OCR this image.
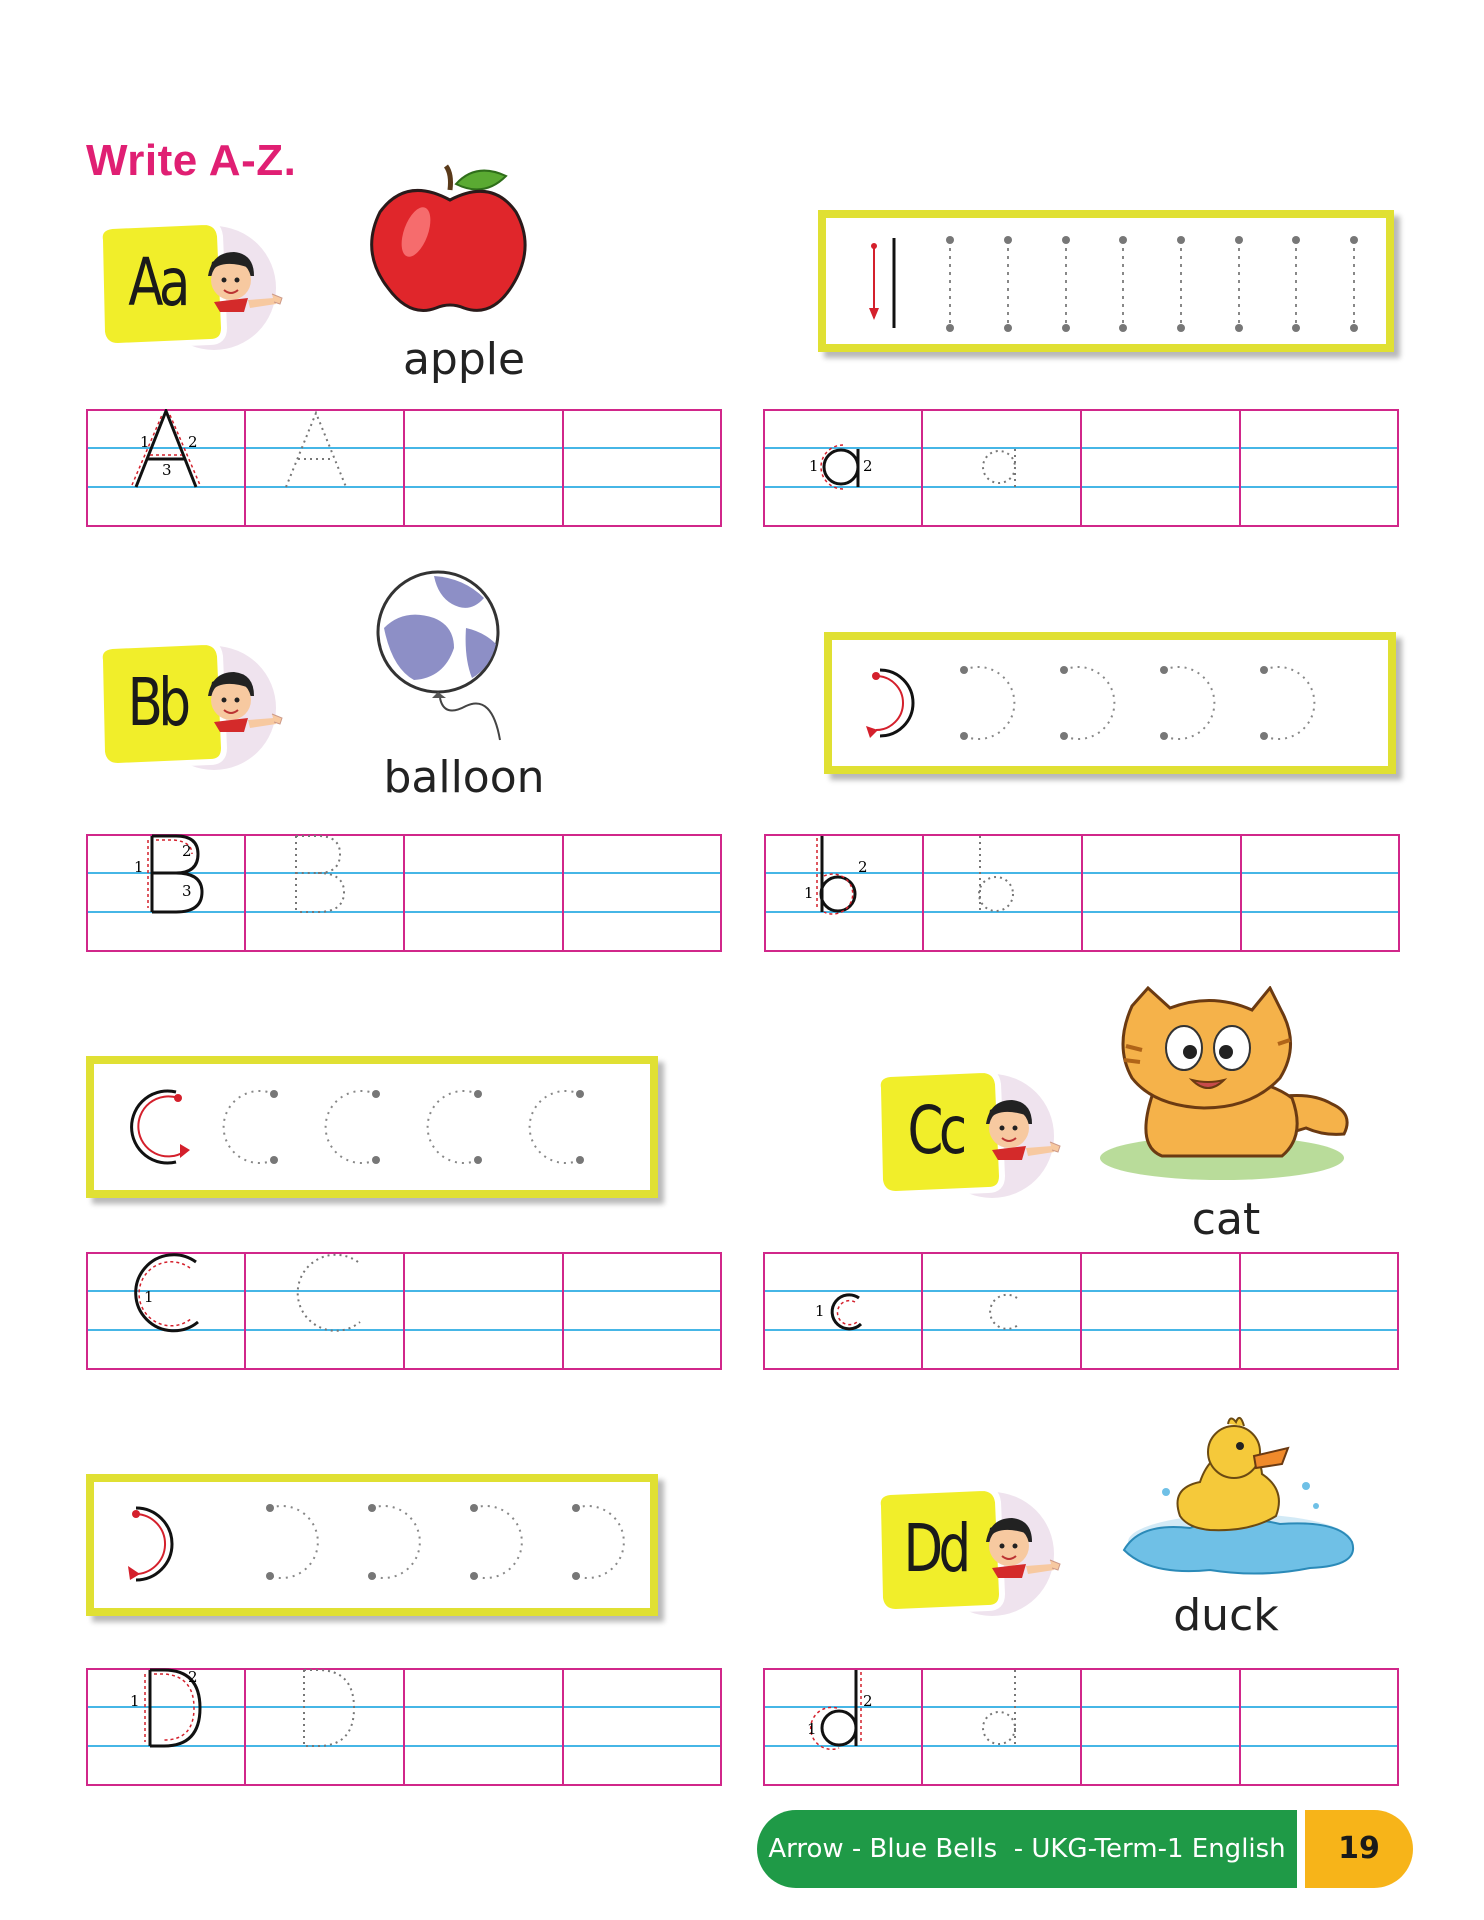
Write A-Z.
Aa
apple
1	2
3	1	2
Bb
balloon
1
2
3	1
2
Cc
cat
1
1
Dd
duck
1
2
1
2
Arrow - Blue Bells  - UKG-Term-1 English	19
